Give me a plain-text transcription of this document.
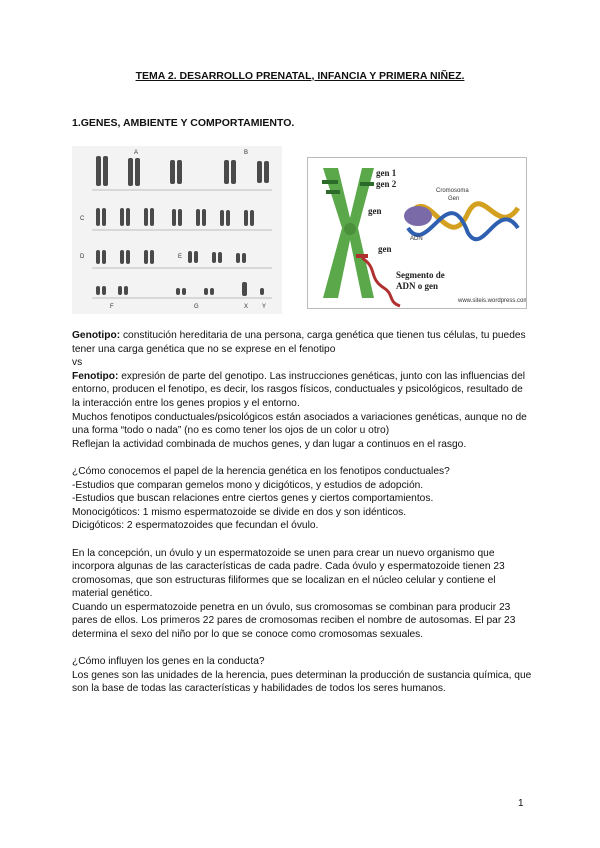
TEMA 2. DESARROLLO PRENATAL, INFANCIA Y PRIMERA NIÑEZ.
1.GENES, AMBIENTE Y COMPORTAMIENTO.
A	B
C
D	E
F	G	X Y
gen 1
gen 2
gen
gen
Segmento de
ADN o gen
Cromosoma
Gen
ADN
www.siteis.wordpress.com

Genotipo: constitución hereditaria de una persona, carga genética que tienen tus células, tu puedes tener una carga genética que no se exprese en el fenotipo

vs

Fenotipo: expresión de parte del genotipo. Las instrucciones genéticas, junto con las influencias del entorno, producen el fenotipo, es decir, los rasgos físicos, conductuales y psicológicos, resultado de la interacción entre los genes propios y el entorno.

Muchos fenotipos conductuales/psicológicos están asociados a variaciones genéticas, aunque no de una forma “todo o nada” (no es como tener los ojos de un color u otro)

Reflejan la actividad combinada de muchos genes, y dan lugar a continuos en el rasgo.

¿Cómo conocemos el papel de la herencia genética en los fenotipos conductuales?

-Estudios que comparan gemelos mono y dicigóticos, y estudios de adopción.

-Estudios que buscan relaciones entre ciertos genes y ciertos comportamientos.

Monocigóticos: 1 mismo espermatozoide se divide en dos y son idénticos.

Dicigóticos: 2 espermatozoides que fecundan el óvulo.

En la concepción, un óvulo y un espermatozoide se unen para crear un nuevo organismo que incorpora algunas de las características de cada padre. Cada óvulo y espermatozoide tienen 23 cromosomas, que son estructuras filiformes que se localizan en el núcleo celular y contiene el material genético.

Cuando un espermatozoide penetra en un óvulo, sus cromosomas se combinan para producir 23 pares de ellos. Los primeros 22 pares de cromosomas reciben el nombre de autosomas. El par 23 determina el sexo del niño por lo que se conoce como cromosomas sexuales.

¿Cómo influyen los genes en la conducta?

Los genes son las unidades de la herencia, pues determinan la producción de sustancia química, que son la base de todas las características y habilidades de todos los seres humanos.

1
